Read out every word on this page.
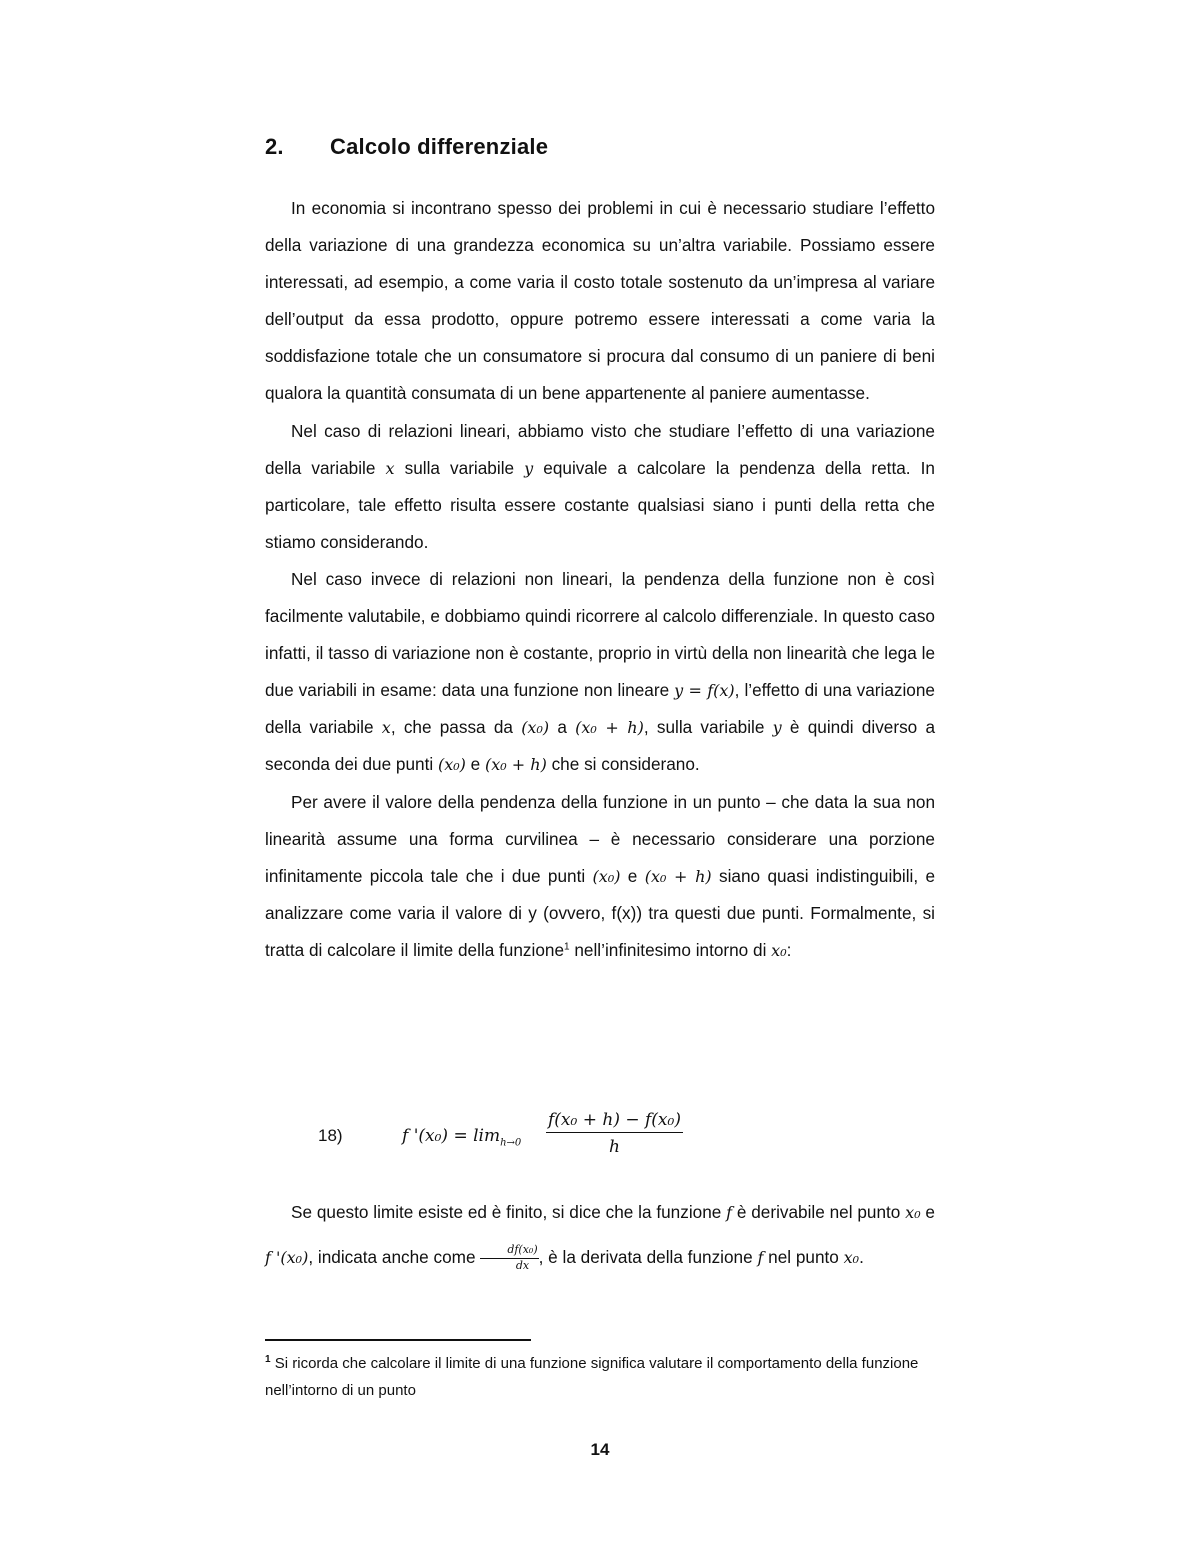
2. Calcolo differenziale

In economia si incontrano spesso dei problemi in cui è necessario studiare l’effetto della variazione di una grandezza economica su un’altra variabile. Possiamo essere interessati, ad esempio, a come varia il costo totale sostenuto da un’impresa al variare dell’output da essa prodotto, oppure potremo essere interessati a come varia la soddisfazione totale che un consumatore si procura dal consumo di un paniere di beni qualora la quantità consumata di un bene appartenente al paniere aumentasse.

Nel caso di relazioni lineari, abbiamo visto che studiare l’effetto di una variazione della variabile x sulla variabile y equivale a calcolare la pendenza della retta. In particolare, tale effetto risulta essere costante qualsiasi siano i punti della retta che stiamo considerando.

Nel caso invece di relazioni non lineari, la pendenza della funzione non è così facilmente valutabile, e dobbiamo quindi ricorrere al calcolo differenziale. In questo caso infatti, il tasso di variazione non è costante, proprio in virtù della non linearità che lega le due variabili in esame: data una funzione non lineare y = f(x), l’effetto di una variazione della variabile x, che passa da (x₀) a (x₀ + h), sulla variabile y è quindi diverso a seconda dei due punti (x₀) e (x₀ + h) che si considerano.

Per avere il valore della pendenza della funzione in un punto – che data la sua non linearità assume una forma curvilinea – è necessario considerare una porzione infinitamente piccola tale che i due punti (x₀) e (x₀ + h) siano quasi indistinguibili, e analizzare come varia il valore di y (ovvero, f(x)) tra questi due punti. Formalmente, si tratta di calcolare il limite della funzione$^1$ nell’infinitesimo intorno di x₀:

18)	f '$(x_0) = \lim_{h\to 0} \frac{\text{f(x₀ + h) − f(x₀)}}{h}$

Se questo limite esiste ed è finito, si dice che la funzione f è derivabile nel punto x₀ e f '(x₀), indicata anche come $\frac{\text{df(x₀)}}{dx}$ , è la derivata della funzione f nel punto x₀.

$^1$ Si ricorda che calcolare il limite di una funzione significa valutare il comportamento della funzione nell’intorno di un punto
14
